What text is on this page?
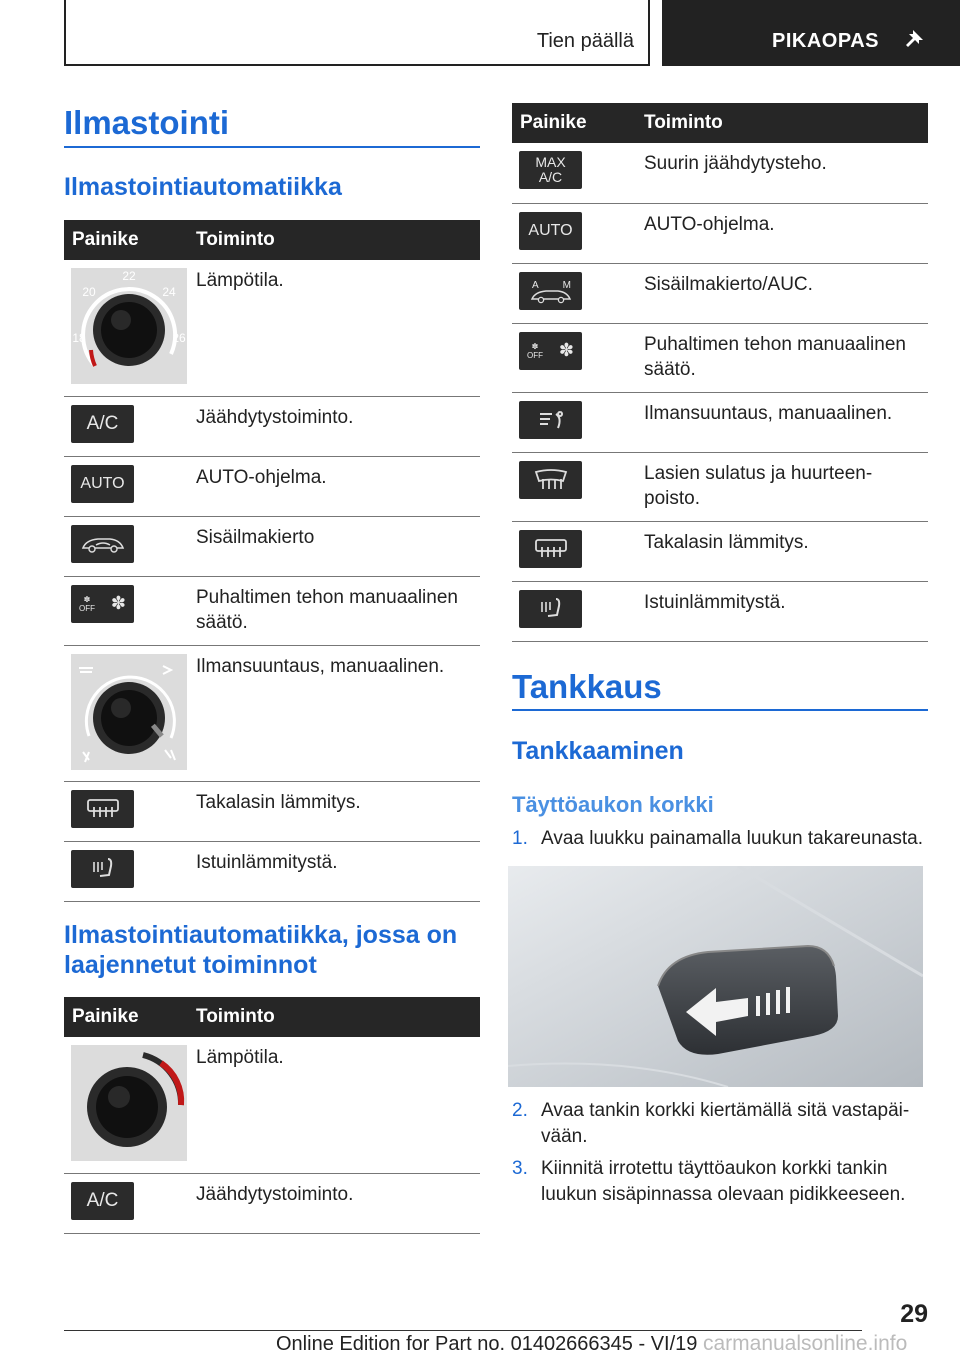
Tien päällä	PIKAOPAS
Ilmastointi
Ilmastointiautomatiikka
Painike	Toiminto

22
20 24
18 26	Lämpötila.

A/C	Jäähdytystoiminto.

AUTO	AUTO-ohjelma.

	Sisäilmakierto

✽
OFF ✽	Puhaltimen tehon manuaalinen säätö.

	Ilmansuuntaus, manuaalinen.

	Takalasin lämmitys.

	Istuinlämmitystä.
Ilmastointiautomatiikka, jossa on laajennetut toiminnot
Painike	Toiminto

	Lämpötila.

A/C	Jäähdytystoiminto.
Painike	Toiminto

MAX
A/C	Suurin jäähdytysteho.

AUTO	AUTO-ohjelma.

A M	Sisäilmakierto/AUC.

✽
OFF ✽	Puhaltimen tehon manuaalinen säätö.

	Ilmansuuntaus, manuaalinen.

	Lasien sulatus ja huurteen-poisto.

	Takalasin lämmitys.

	Istuinlämmitystä.
Tankkaus
Tankkaaminen
Täyttöaukon korkki
1. Avaa luukku painamalla luukun takareunasta.
2. Avaa tankin korkki kiertämällä sitä vastapäi-vään.
3. Kiinnitä irrotettu täyttöaukon korkki tankin luukun sisäpinnassa olevaan pidikkeeseen.
29
Online Edition for Part no. 01402666345 - VI/19 carmanualsonline.info
